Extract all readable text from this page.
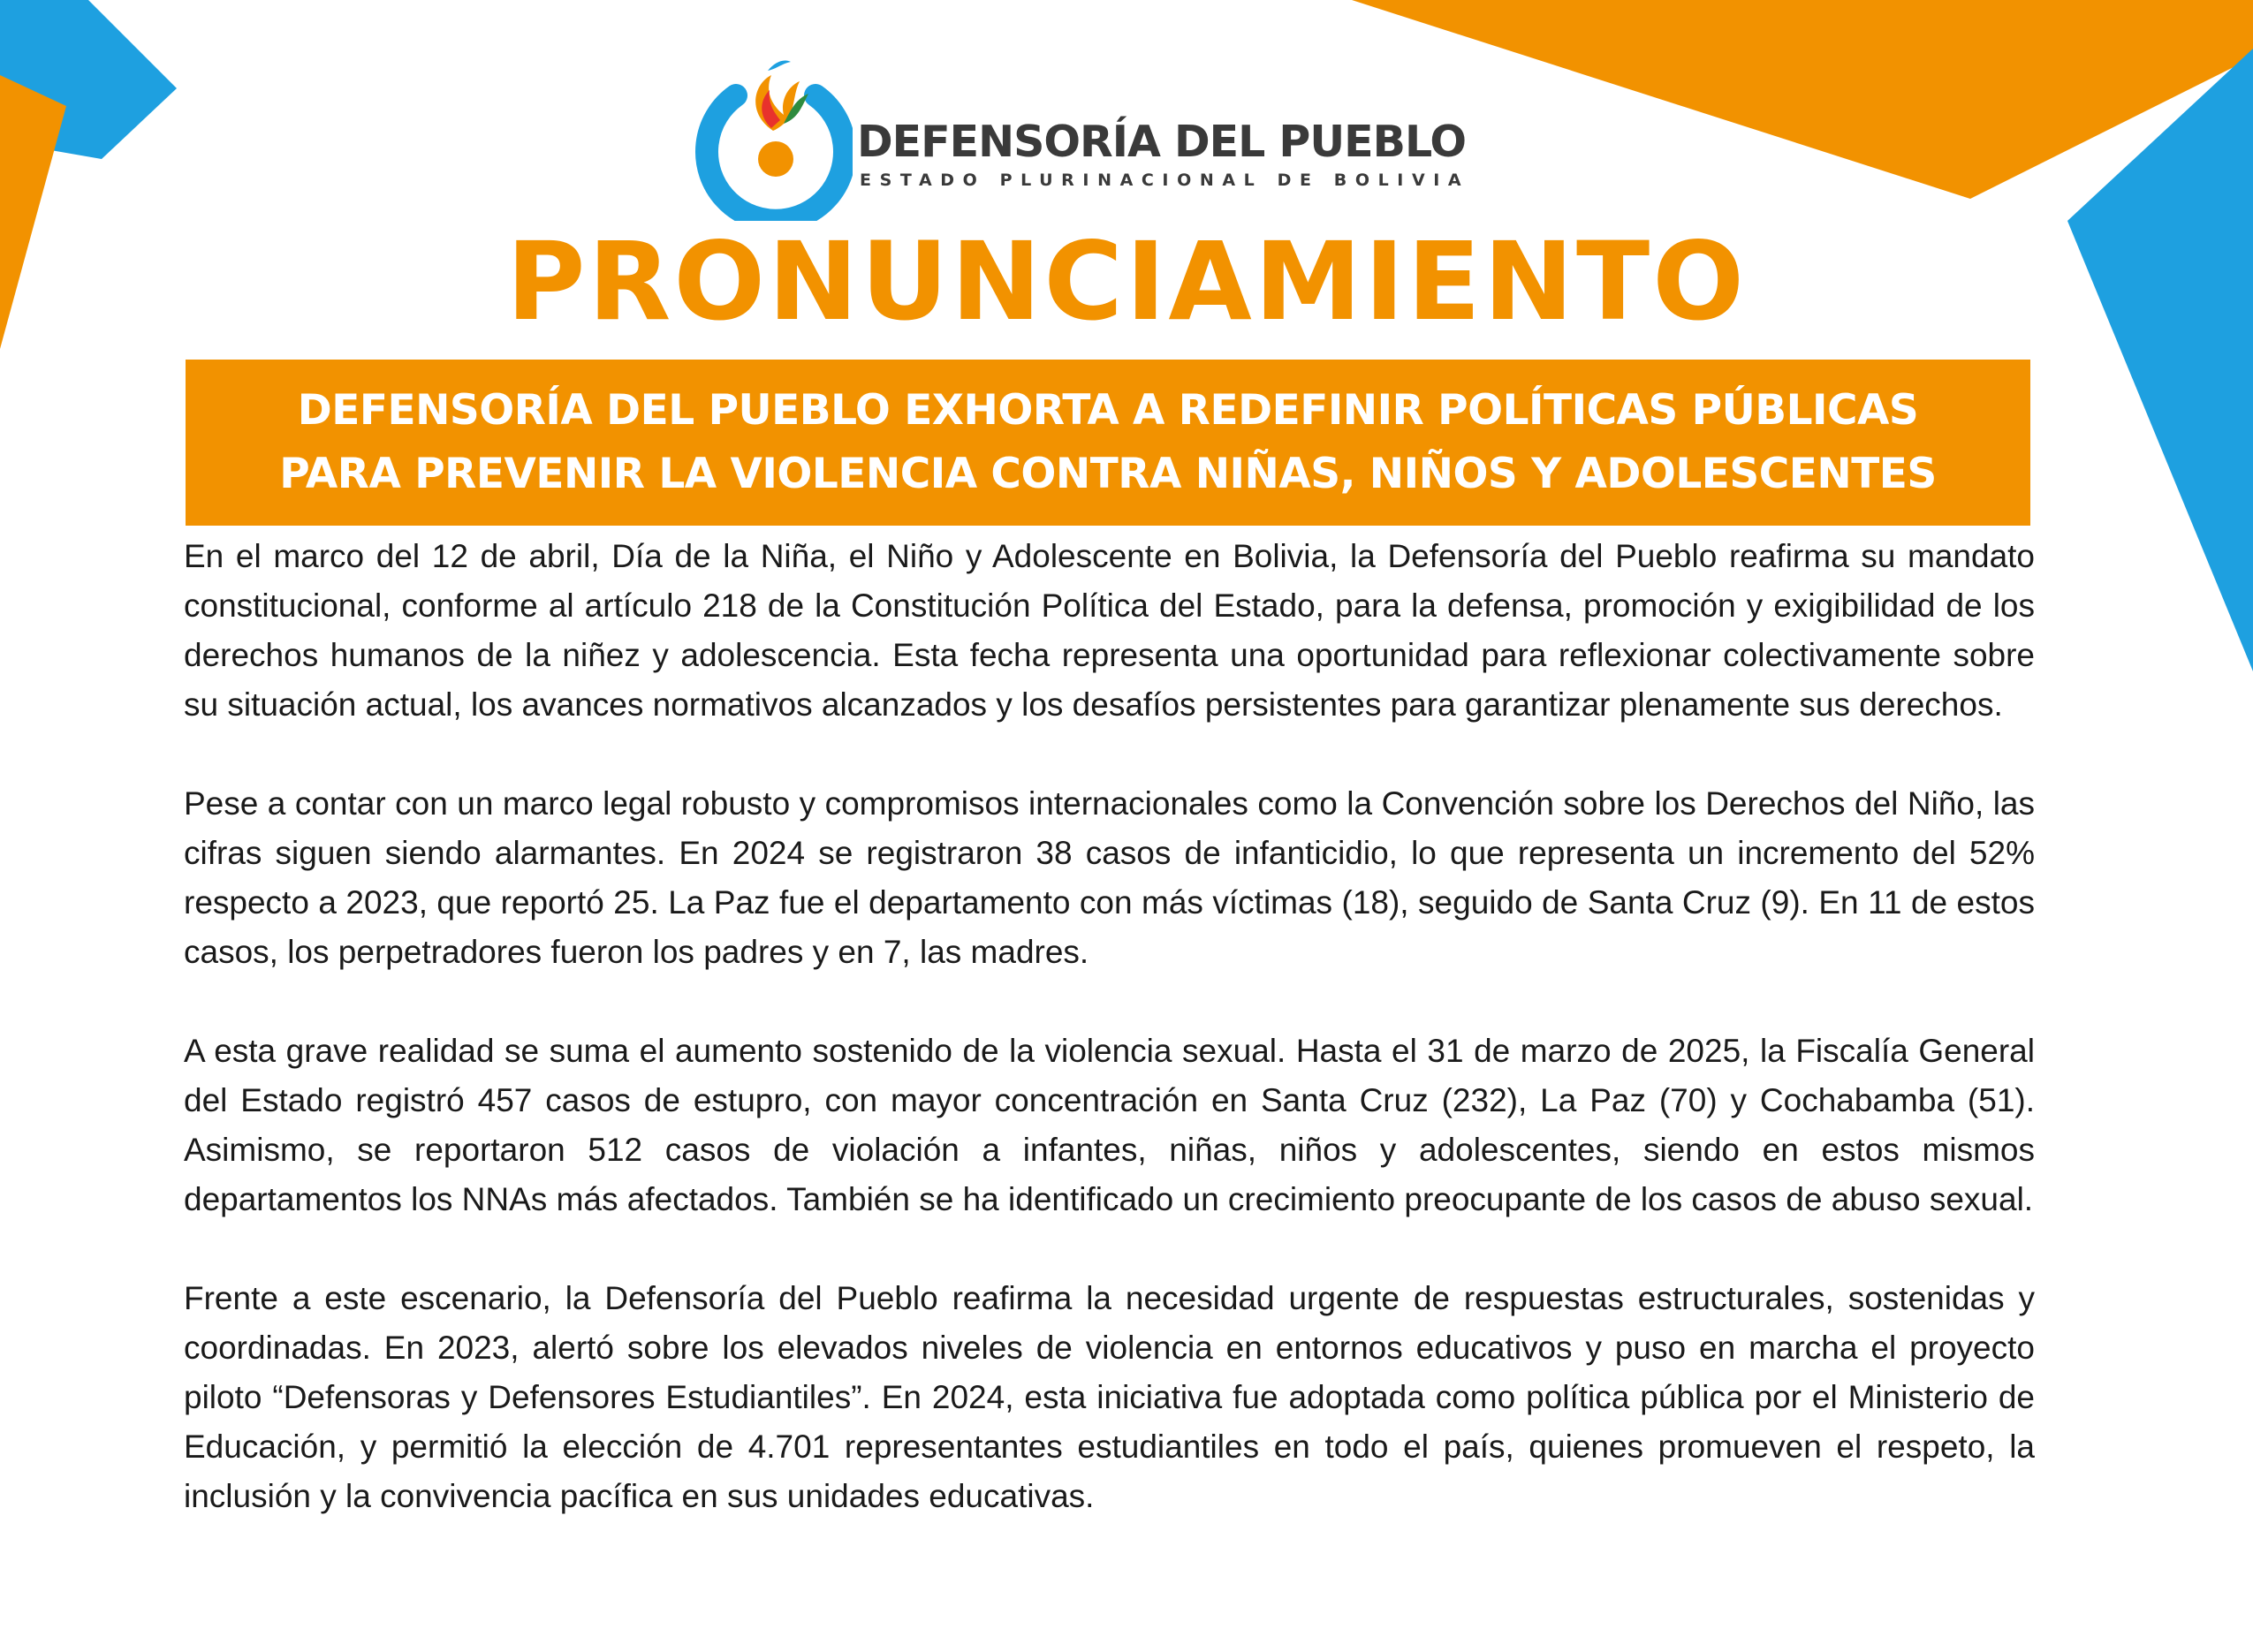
DEFENSORÍA DEL PUEBLO
ESTADO PLURINACIONAL DE BOLIVIA
PRONUNCIAMIENTO
DEFENSORÍA DEL PUEBLO EXHORTA A REDEFINIR POLÍTICAS PÚBLICAS
PARA PREVENIR LA VIOLENCIA CONTRA NIÑAS, NIÑOS Y ADOLESCENTES

En el marco del 12 de abril, Día de la Niña, el Niño y Adolescente en Bolivia, la Defensoría del Pueblo reafirma su mandato constitucional, conforme al artículo 218 de la Constitución Política del Estado, para la defensa, promoción y exigibilidad de los derechos humanos de la niñez y adolescencia. Esta fecha representa una oportunidad para reflexionar colectivamente sobre su situación actual, los avances normativos alcanzados y los desafíos persistentes para garantizar plenamente sus derechos.

Pese a contar con un marco legal robusto y compromisos internacionales como la Convención sobre los Derechos del Niño, las cifras siguen siendo alarmantes. En 2024 se registraron 38 casos de infanticidio, lo que representa un incremento del 52% respecto a 2023, que reportó 25. La Paz fue el departamento con más víctimas (18), seguido de Santa Cruz (9). En 11 de estos casos, los perpetradores fueron los padres y en 7, las madres.

A esta grave realidad se suma el aumento sostenido de la violencia sexual. Hasta el 31 de marzo de 2025, la Fiscalía General del Estado registró 457 casos de estupro, con mayor concentración en Santa Cruz (232), La Paz (70) y Cochabamba (51). Asimismo, se reportaron 512 casos de violación a infantes, niñas, niños y adolescentes, siendo en estos mismos departamentos los NNAs más afectados. También se ha identificado un crecimiento preocupante de los casos de abuso sexual.

Frente a este escenario, la Defensoría del Pueblo reafirma la necesidad urgente de respuestas estructurales, sostenidas y coordinadas. En 2023, alertó sobre los elevados niveles de violencia en entornos educativos y puso en marcha el proyecto piloto “Defensoras y Defensores Estudiantiles”. En 2024, esta iniciativa fue adoptada como política pública por el Ministerio de Educación, y permitió la elección de 4.701 representantes estudiantiles en todo el país, quienes promueven el respeto, la inclusión y la convivencia pacífica en sus unidades educativas.
